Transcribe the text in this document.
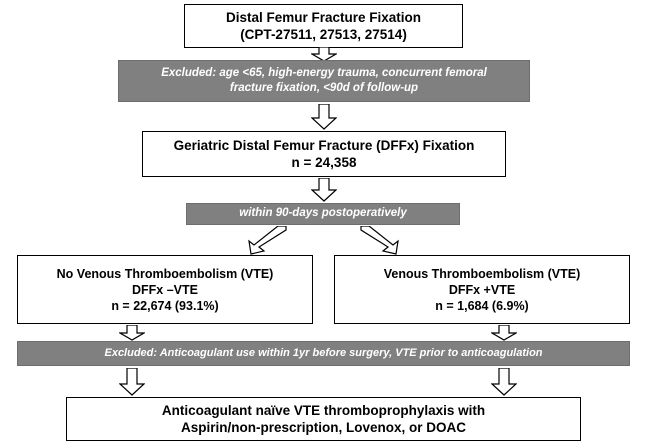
Distal Femur Fracture Fixation
(CPT-27511, 27513, 27514)
Excluded: age <65, high-energy trauma, concurrent femoral
fracture fixation, <90d of follow-up
Geriatric Distal Femur Fracture (DFFx) Fixation
n = 24,358
within 90-days postoperatively
No Venous Thromboembolism (VTE)
DFFx –VTE
n = 22,674 (93.1%)
Venous Thromboembolism (VTE)
DFFx +VTE
n = 1,684 (6.9%)
Excluded: Anticoagulant use within 1yr before surgery, VTE prior to anticoagulation
Anticoagulant naïve VTE thromboprophylaxis with
Aspirin/non-prescription, Lovenox, or DOAC
